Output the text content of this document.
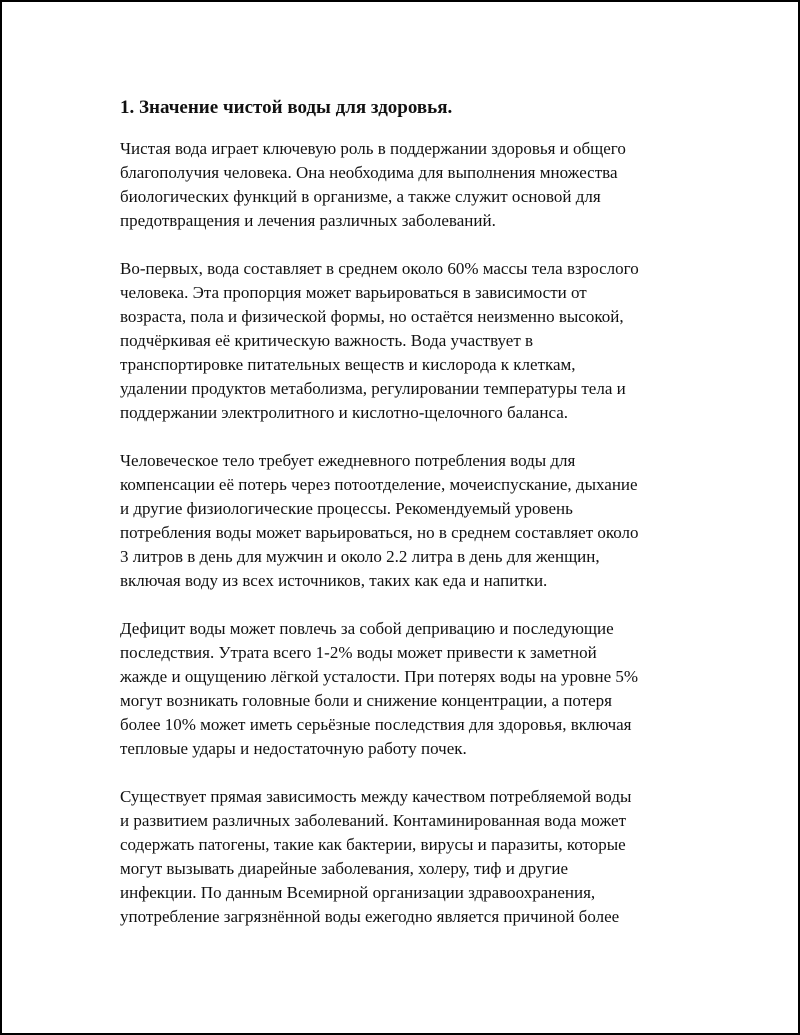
1. Значение чистой воды для здоровья.

Чистая вода играет ключевую роль в поддержании здоровья и общего
благополучия человека. Она необходима для выполнения множества
биологических функций в организме, а также служит основой для
предотвращения и лечения различных заболеваний.

Во-первых, вода составляет в среднем около 60% массы тела взрослого
человека. Эта пропорция может варьироваться в зависимости от
возраста, пола и физической формы, но остаётся неизменно высокой,
подчёркивая её критическую важность. Вода участвует в
транспортировке питательных веществ и кислорода к клеткам,
удалении продуктов метаболизма, регулировании температуры тела и
поддержании электролитного и кислотно-щелочного баланса.

Человеческое тело требует ежедневного потребления воды для
компенсации её потерь через потоотделение, мочеиспускание, дыхание
и другие физиологические процессы. Рекомендуемый уровень
потребления воды может варьироваться, но в среднем составляет около
3 литров в день для мужчин и около 2.2 литра в день для женщин,
включая воду из всех источников, таких как еда и напитки.

Дефицит воды может повлечь за собой депривацию и последующие
последствия. Утрата всего 1-2% воды может привести к заметной
жажде и ощущению лёгкой усталости. При потерях воды на уровне 5%
могут возникать головные боли и снижение концентрации, а потеря
более 10% может иметь серьёзные последствия для здоровья, включая
тепловые удары и недостаточную работу почек.

Существует прямая зависимость между качеством потребляемой воды
и развитием различных заболеваний. Контаминированная вода может
содержать патогены, такие как бактерии, вирусы и паразиты, которые
могут вызывать диарейные заболевания, холеру, тиф и другие
инфекции. По данным Всемирной организации здравоохранения,
употребление загрязнённой воды ежегодно является причиной более
